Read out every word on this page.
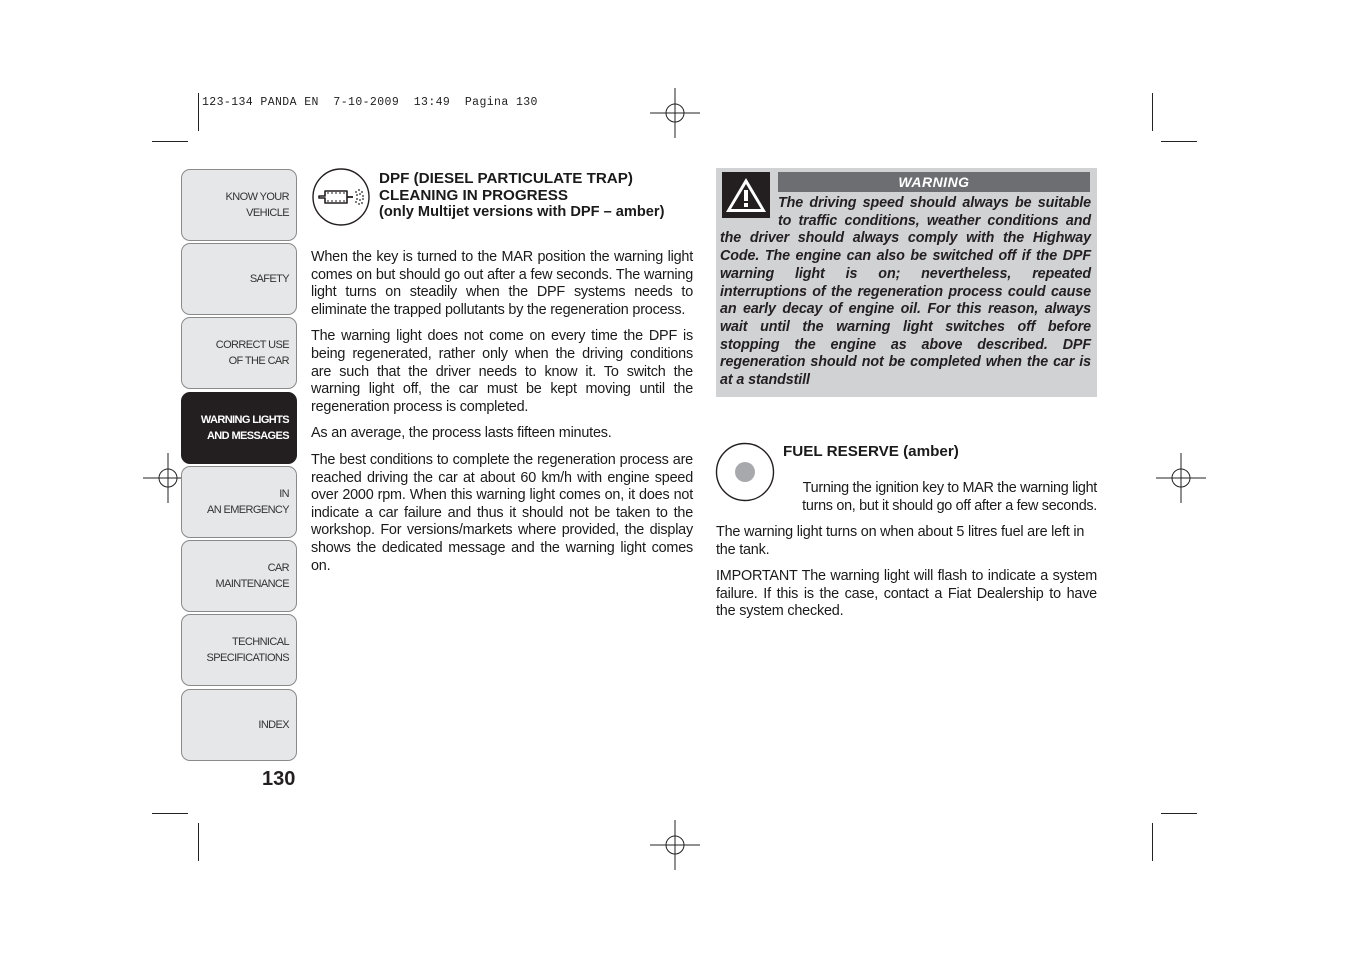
123-134 PANDA EN  7-10-2009  13:49  Pagina 130
KNOW YOUR
VEHICLE
SAFETY
CORRECT USE
OF THE CAR
WARNING LIGHTS
AND MESSAGES
IN
AN EMERGENCY
CAR
MAINTENANCE
TECHNICAL
SPECIFICATIONS
INDEX
130
DPF (DIESEL PARTICULATE TRAP) CLEANING IN PROGRESS
(only Multijet versions with DPF – amber)

When the key is turned to the MAR position the warning light comes on but should go out after a few seconds. The warning light turns on steadily when the DPF systems needs to eliminate the trapped pollutants by the regeneration process.

The warning light does not come on every time the DPF is being regenerated, rather only when the driving conditions are such that the driver needs to know it. To switch the warning light off, the car must be kept moving until the regeneration process is completed.

As an average, the process lasts fifteen minutes.

The best conditions to complete the regeneration process are reached driving the car at about 60 km/h with engine speed over 2000 rpm. When this warning light comes on, it does not indicate a car failure and thus it should not be taken to the workshop. For versions/markets where provided, the display shows the dedicated message and the warning light comes on.

WARNING
The driving speed should always be suitable to traffic conditions, weather conditions and the driver should always comply with the Highway Code. The engine can also be switched off if the DPF warning light is on; nevertheless, repeated interruptions of the regeneration process could cause an early decay of engine oil. For this reason, always wait until the warning light switches off before stopping the engine as above described. DPF regeneration should not be completed when the car is at a standstill
FUEL RESERVE (amber)
Turning the ignition key to MAR the warning light turns on, but it should go off after a few seconds.

The warning light turns on when about 5 litres fuel are left in the tank.

IMPORTANT The warning light will flash to indicate a system failure. If this is the case, contact a Fiat Dealership to have the system checked.
